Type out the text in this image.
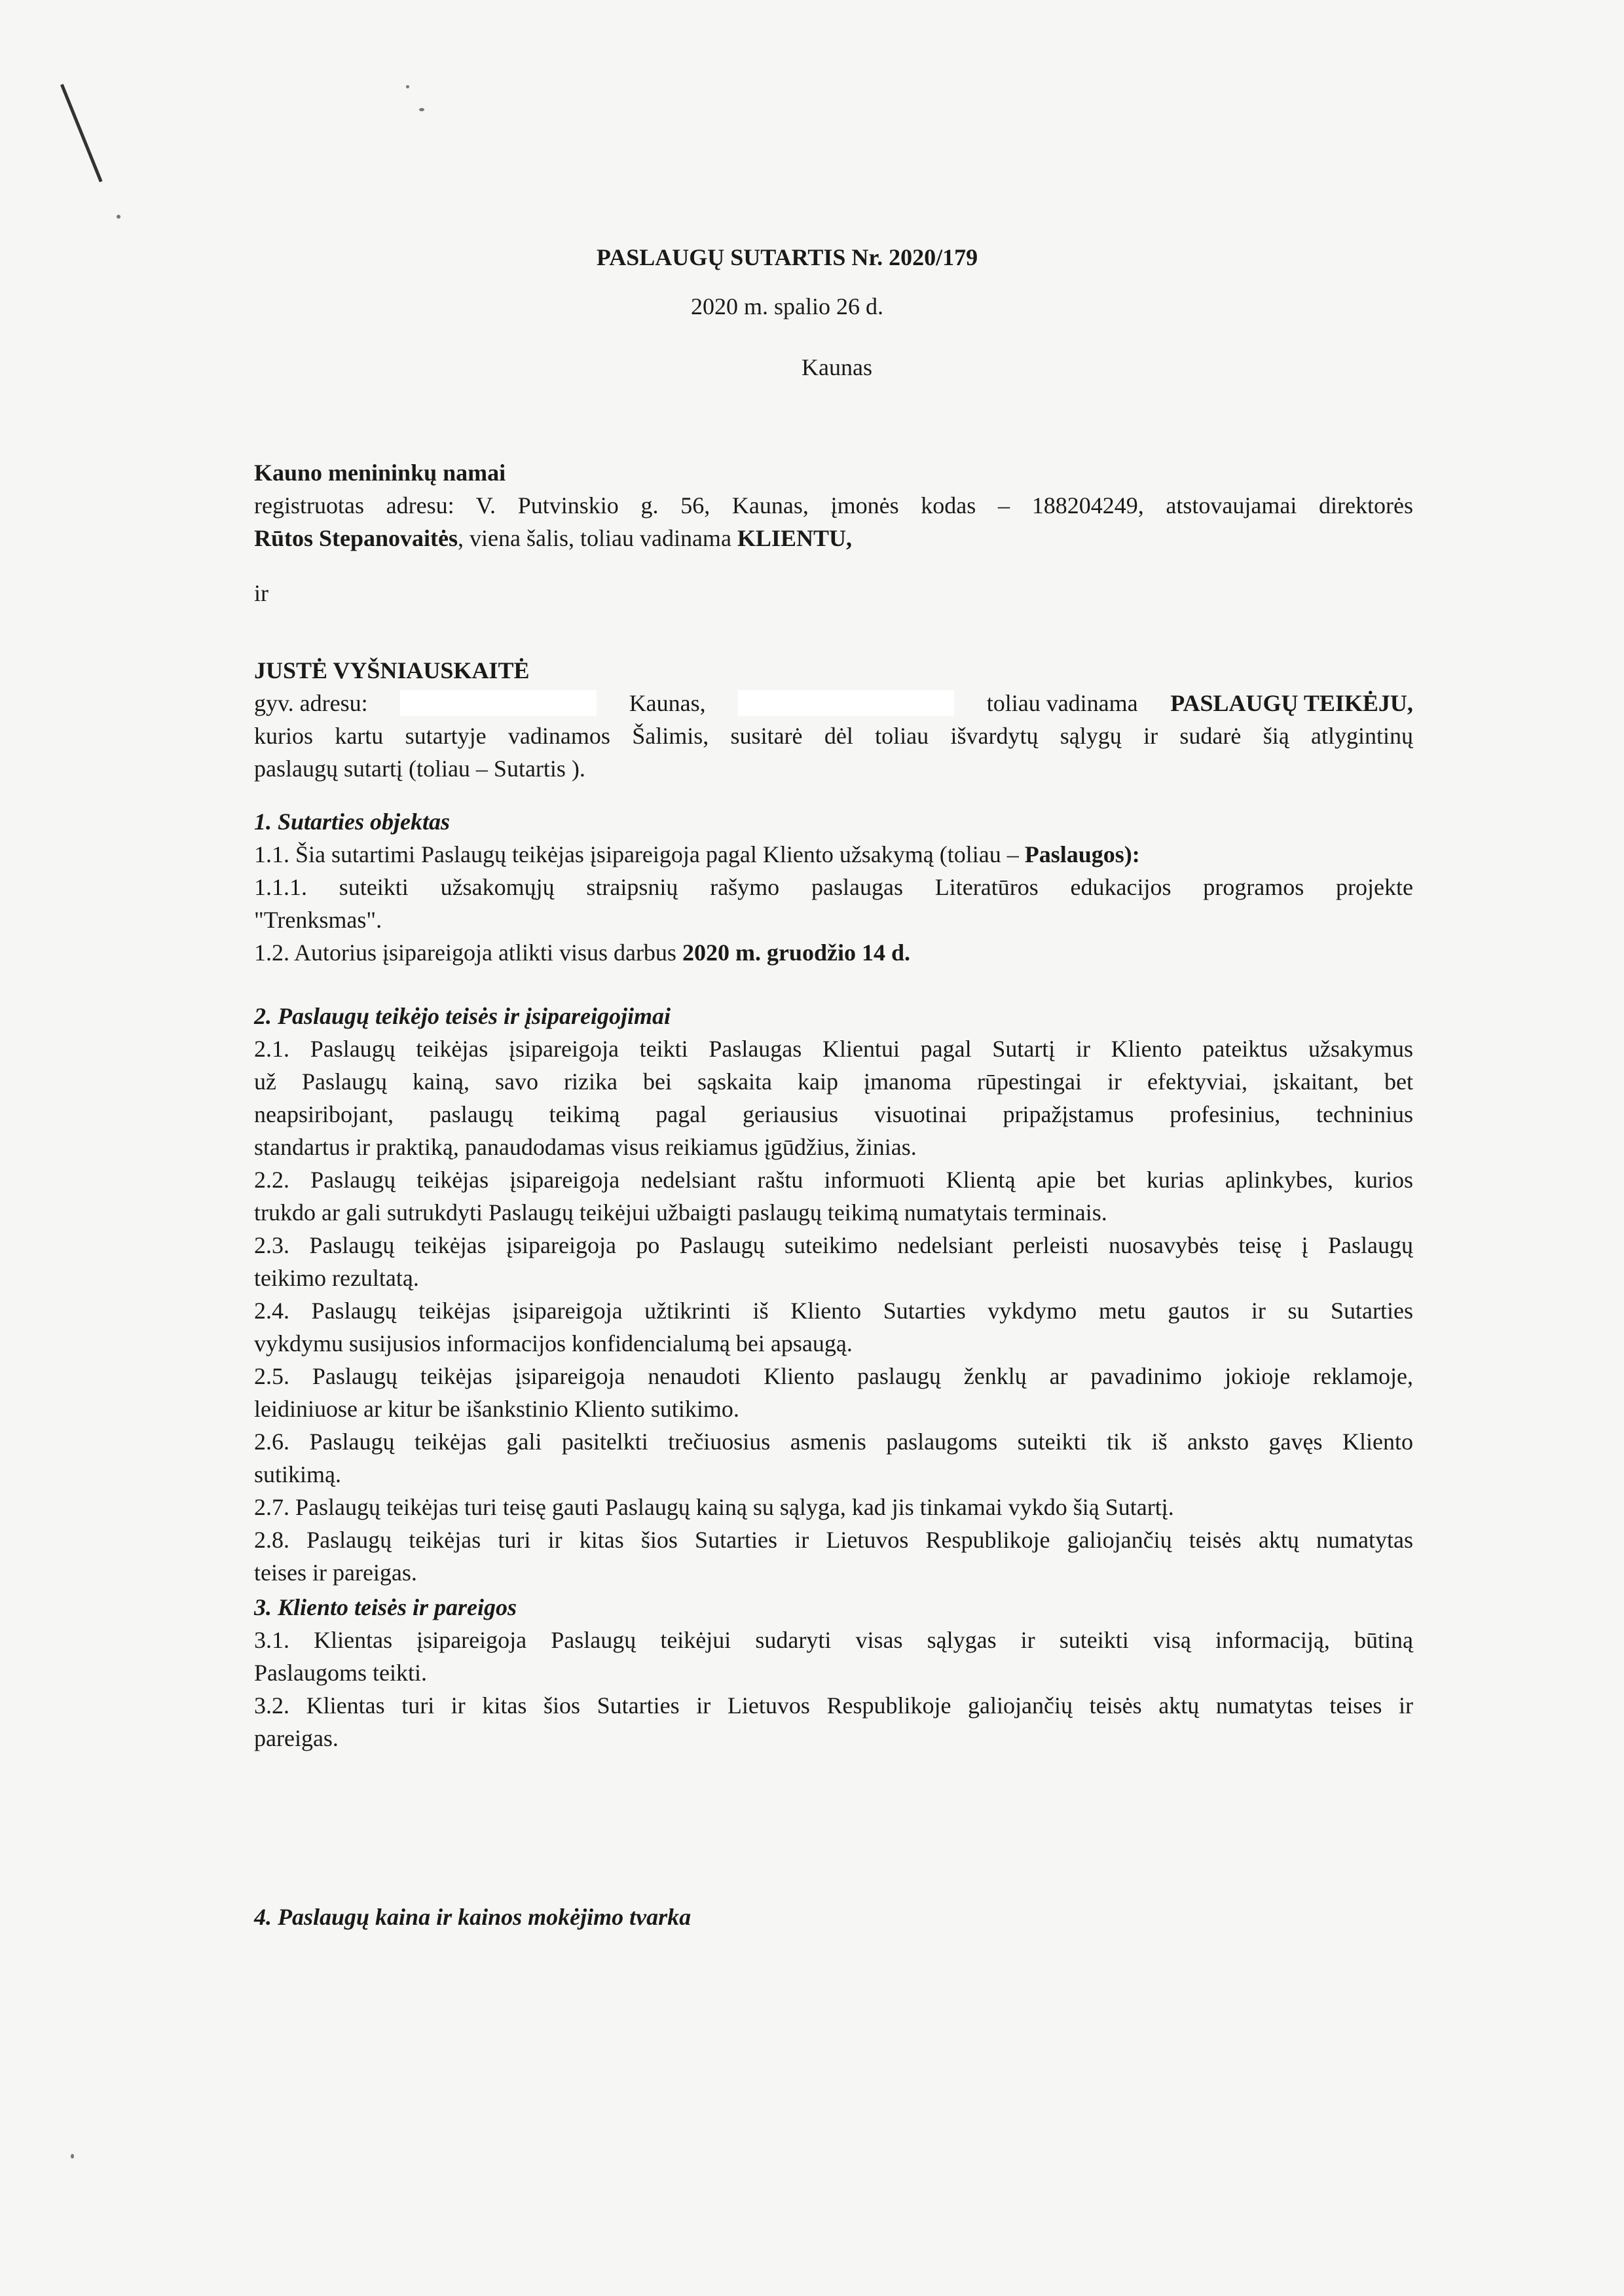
PASLAUGŲ SUTARTIS Nr. 2020/179
2020 m. spalio 26 d.
Kaunas
Kauno menininkų namai
registruotas adresu: V. Putvinskio g. 56, Kaunas, įmonės kodas – 188204249, atstovaujamai direktorės
Rūtos Stepanovaitės, viena šalis, toliau vadinama KLIENTU,
ir
JUSTĖ VYŠNIAUSKAITĖ
gyv. adresu:	Kaunas,	toliau vadinama PASLAUGŲ TEIKĖJU,
kurios kartu sutartyje vadinamos Šalimis, susitarė dėl toliau išvardytų sąlygų ir sudarė šią atlygintinų
paslaugų sutartį (toliau – Sutartis ).
1. Sutarties objektas
1.1. Šia sutartimi Paslaugų teikėjas įsipareigoja pagal Kliento užsakymą (toliau – Paslaugos):
1.1.1. suteikti užsakomųjų straipsnių rašymo paslaugas Literatūros edukacijos programos projekte
"Trenksmas".
1.2. Autorius įsipareigoja atlikti visus darbus 2020 m. gruodžio 14 d.
2. Paslaugų teikėjo teisės ir įsipareigojimai
2.1. Paslaugų teikėjas įsipareigoja teikti Paslaugas Klientui pagal Sutartį ir Kliento pateiktus užsakymus
už Paslaugų kainą, savo rizika bei sąskaita kaip įmanoma rūpestingai ir efektyviai, įskaitant, bet
neapsiribojant, paslaugų teikimą pagal geriausius visuotinai pripažįstamus profesinius, techninius
standartus ir praktiką, panaudodamas visus reikiamus įgūdžius, žinias.
2.2. Paslaugų teikėjas įsipareigoja nedelsiant raštu informuoti Klientą apie bet kurias aplinkybes, kurios
trukdo ar gali sutrukdyti Paslaugų teikėjui užbaigti paslaugų teikimą numatytais terminais.
2.3. Paslaugų teikėjas įsipareigoja po Paslaugų suteikimo nedelsiant perleisti nuosavybės teisę į Paslaugų
teikimo rezultatą.
2.4. Paslaugų teikėjas įsipareigoja užtikrinti iš Kliento Sutarties vykdymo metu gautos ir su Sutarties
vykdymu susijusios informacijos konfidencialumą bei apsaugą.
2.5. Paslaugų teikėjas įsipareigoja nenaudoti Kliento paslaugų ženklų ar pavadinimo jokioje reklamoje,
leidiniuose ar kitur be išankstinio Kliento sutikimo.
2.6. Paslaugų teikėjas gali pasitelkti trečiuosius asmenis paslaugoms suteikti tik iš anksto gavęs Kliento
sutikimą.
2.7. Paslaugų teikėjas turi teisę gauti Paslaugų kainą su sąlyga, kad jis tinkamai vykdo šią Sutartį.
2.8. Paslaugų teikėjas turi ir kitas šios Sutarties ir Lietuvos Respublikoje galiojančių teisės aktų numatytas
teises ir pareigas.
3. Kliento teisės ir pareigos
3.1. Klientas įsipareigoja Paslaugų teikėjui sudaryti visas sąlygas ir suteikti visą informaciją, būtiną
Paslaugoms teikti.
3.2. Klientas turi ir kitas šios Sutarties ir Lietuvos Respublikoje galiojančių teisės aktų numatytas teises ir
pareigas.
4. Paslaugų kaina ir kainos mokėjimo tvarka
